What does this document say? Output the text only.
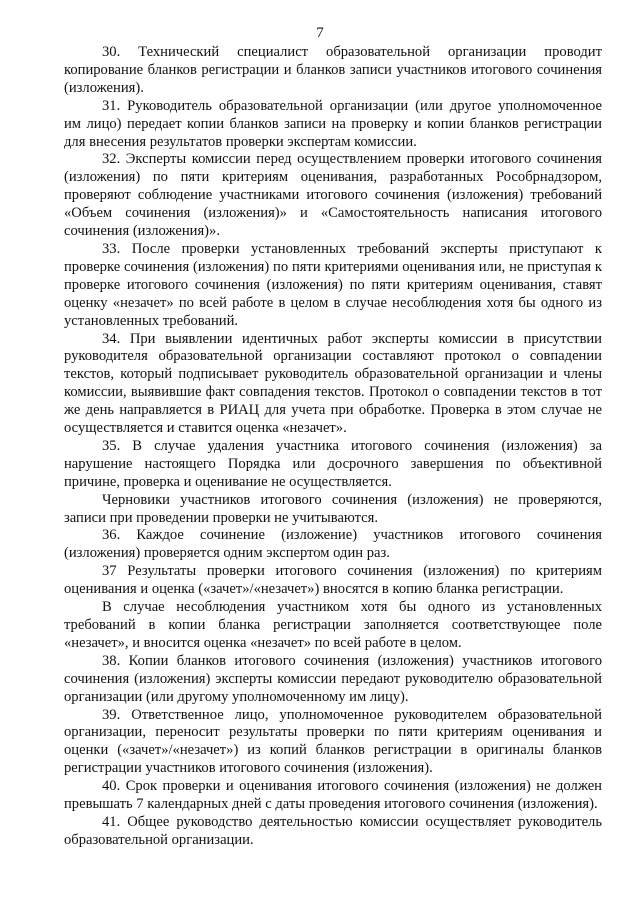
7

30. Технический специалист образовательной организации проводит копирование бланков регистрации и бланков записи участников итогового сочинения (изложения).

31. Руководитель образовательной организации (или другое уполномоченное им лицо) передает копии бланков записи на проверку и копии бланков регистрации для внесения результатов проверки экспертам комиссии.

32. Эксперты комиссии перед осуществлением проверки итогового сочинения (изложения) по пяти критериям оценивания, разработанных Рособрнадзором, проверяют соблюдение участниками итогового сочинения (изложения) требований «Объем сочинения (изложения)» и «Самостоятельность написания итогового сочинения (изложения)».

33. После проверки установленных требований эксперты приступают к проверке сочинения (изложения) по пяти критериями оценивания или, не приступая к проверке итогового сочинения (изложения) по пяти критериям оценивания, ставят оценку «незачет» по всей работе в целом в случае несоблюдения хотя бы одного из установленных требований.

34. При выявлении идентичных работ эксперты комиссии в присутствии руководителя образовательной организации составляют протокол о совпадении текстов, который подписывает руководитель образовательной организации и члены комиссии, выявившие факт совпадения текстов. Протокол о совпадении текстов в тот же день направляется в РИАЦ для учета при обработке. Проверка в этом случае не осуществляется и ставится оценка «незачет».

35. В случае удаления участника итогового сочинения (изложения) за нарушение настоящего Порядка или досрочного завершения по объективной причине, проверка и оценивание не осуществляется.

Черновики участников итогового сочинения (изложения) не проверяются, записи при проведении проверки не учитываются.

36. Каждое сочинение (изложение) участников итогового сочинения (изложения) проверяется одним экспертом один раз.

37 Результаты проверки итогового сочинения (изложения) по критериям оценивания и оценка («зачет»/«незачет») вносятся в копию бланка регистрации.

В случае несоблюдения участником хотя бы одного из установленных требований в копии бланка регистрации заполняется соответствующее поле «незачет», и вносится оценка «незачет» по всей работе в целом.

38. Копии бланков итогового сочинения (изложения) участников итогового сочинения (изложения) эксперты комиссии передают руководителю образовательной организации (или другому уполномоченному им лицу).

39. Ответственное лицо, уполномоченное руководителем образовательной организации, переносит результаты проверки по пяти критериям оценивания и оценки («зачет»/«незачет») из копий бланков регистрации в оригиналы бланков регистрации участников итогового сочинения (изложения).

40. Срок проверки и оценивания итогового сочинения (изложения) не должен превышать 7 календарных дней с даты проведения итогового сочинения (изложения).

41. Общее руководство деятельностью комиссии осуществляет руководитель образовательной организации.
